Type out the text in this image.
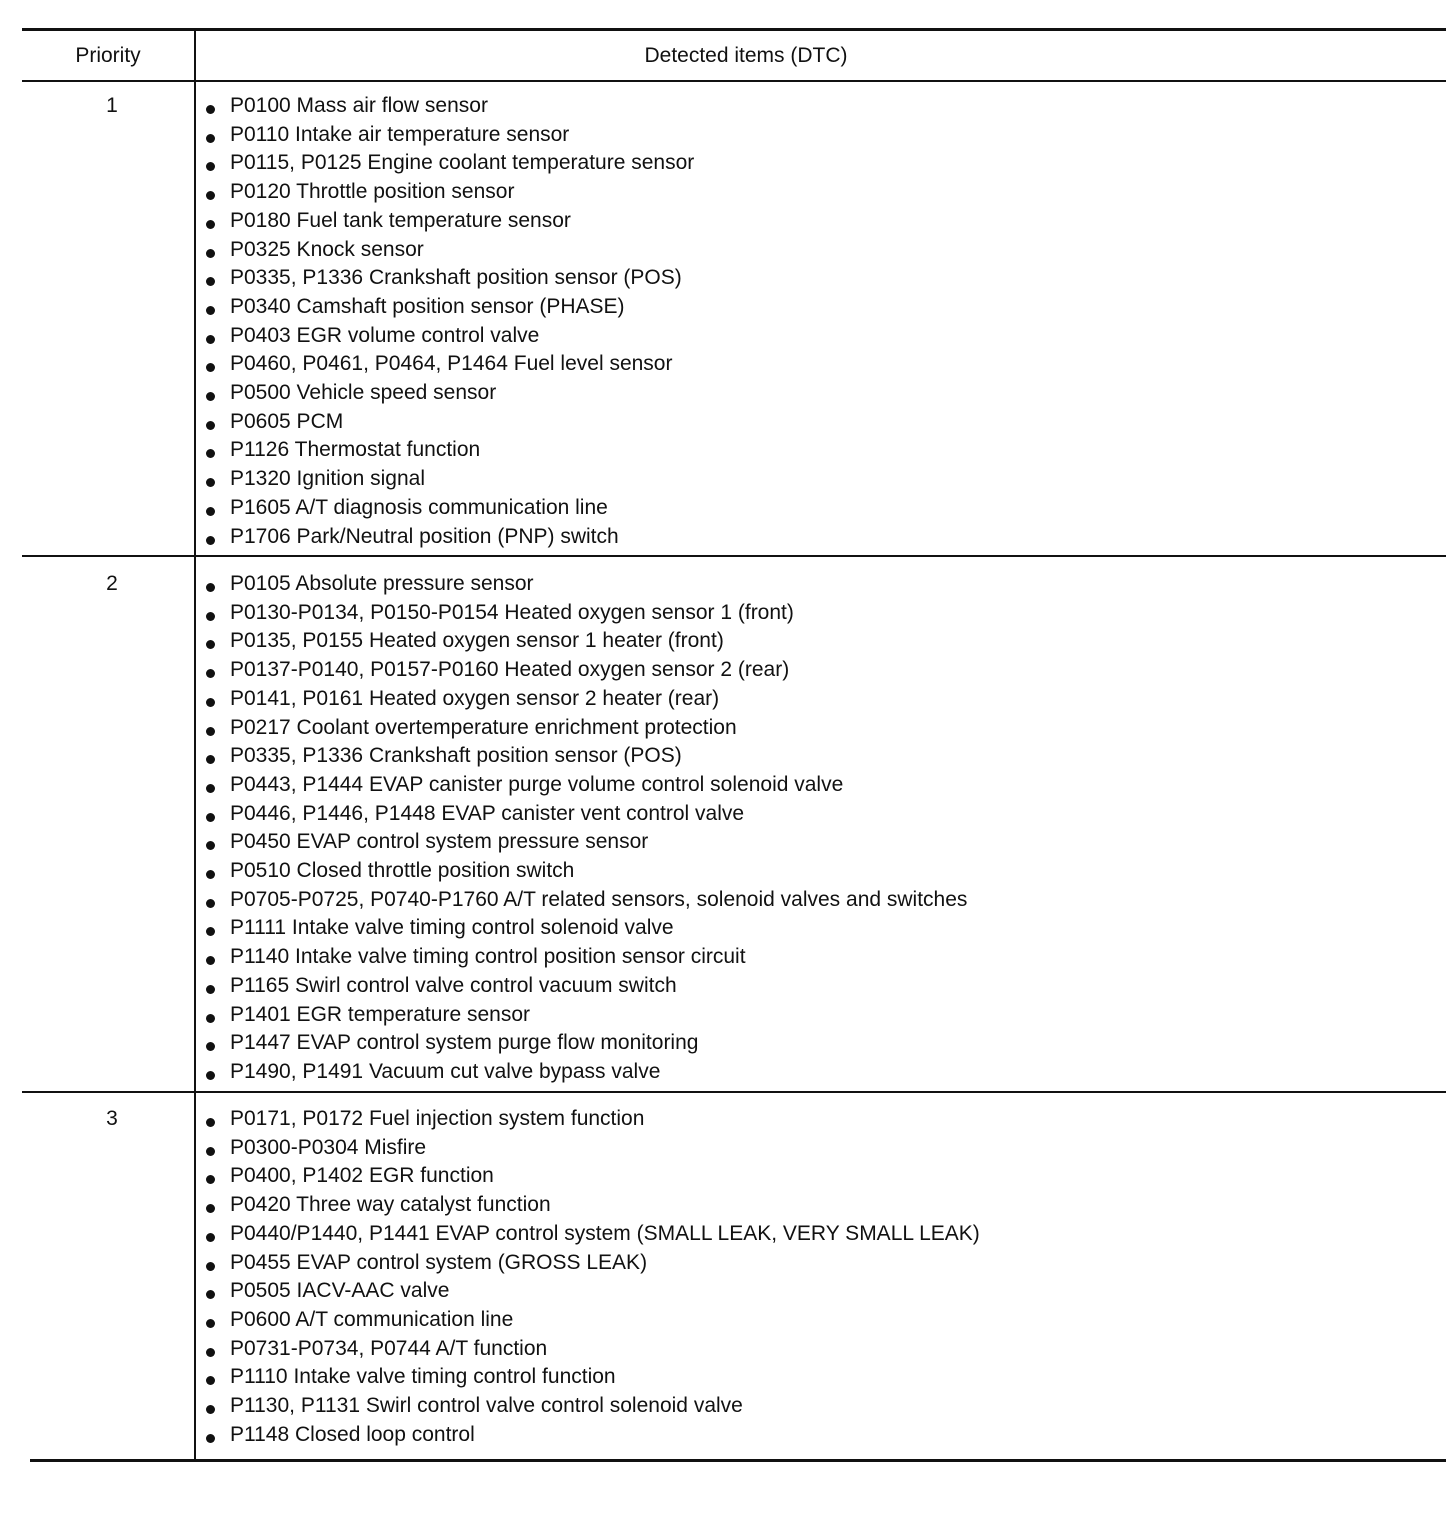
Priority	Detected items (DTC)
1	P0100 Mass air flow sensor
P0110 Intake air temperature sensor
P0115, P0125 Engine coolant temperature sensor
P0120 Throttle position sensor
P0180 Fuel tank temperature sensor
P0325 Knock sensor
P0335, P1336 Crankshaft position sensor (POS)
P0340 Camshaft position sensor (PHASE)
P0403 EGR volume control valve
P0460, P0461, P0464, P1464 Fuel level sensor
P0500 Vehicle speed sensor
P0605 PCM
P1126 Thermostat function
P1320 Ignition signal
P1605 A/T diagnosis communication line
P1706 Park/Neutral position (PNP) switch
2	P0105 Absolute pressure sensor
P0130-P0134, P0150-P0154 Heated oxygen sensor 1 (front)
P0135, P0155 Heated oxygen sensor 1 heater (front)
P0137-P0140, P0157-P0160 Heated oxygen sensor 2 (rear)
P0141, P0161 Heated oxygen sensor 2 heater (rear)
P0217 Coolant overtemperature enrichment protection
P0335, P1336 Crankshaft position sensor (POS)
P0443, P1444 EVAP canister purge volume control solenoid valve
P0446, P1446, P1448 EVAP canister vent control valve
P0450 EVAP control system pressure sensor
P0510 Closed throttle position switch
P0705-P0725, P0740-P1760 A/T related sensors, solenoid valves and switches
P1111 Intake valve timing control solenoid valve
P1140 Intake valve timing control position sensor circuit
P1165 Swirl control valve control vacuum switch
P1401 EGR temperature sensor
P1447 EVAP control system purge flow monitoring
P1490, P1491 Vacuum cut valve bypass valve
3	P0171, P0172 Fuel injection system function
P0300-P0304 Misfire
P0400, P1402 EGR function
P0420 Three way catalyst function
P0440/P1440, P1441 EVAP control system (SMALL LEAK, VERY SMALL LEAK)
P0455 EVAP control system (GROSS LEAK)
P0505 IACV-AAC valve
P0600 A/T communication line
P0731-P0734, P0744 A/T function
P1110 Intake valve timing control function
P1130, P1131 Swirl control valve control solenoid valve
P1148 Closed loop control
